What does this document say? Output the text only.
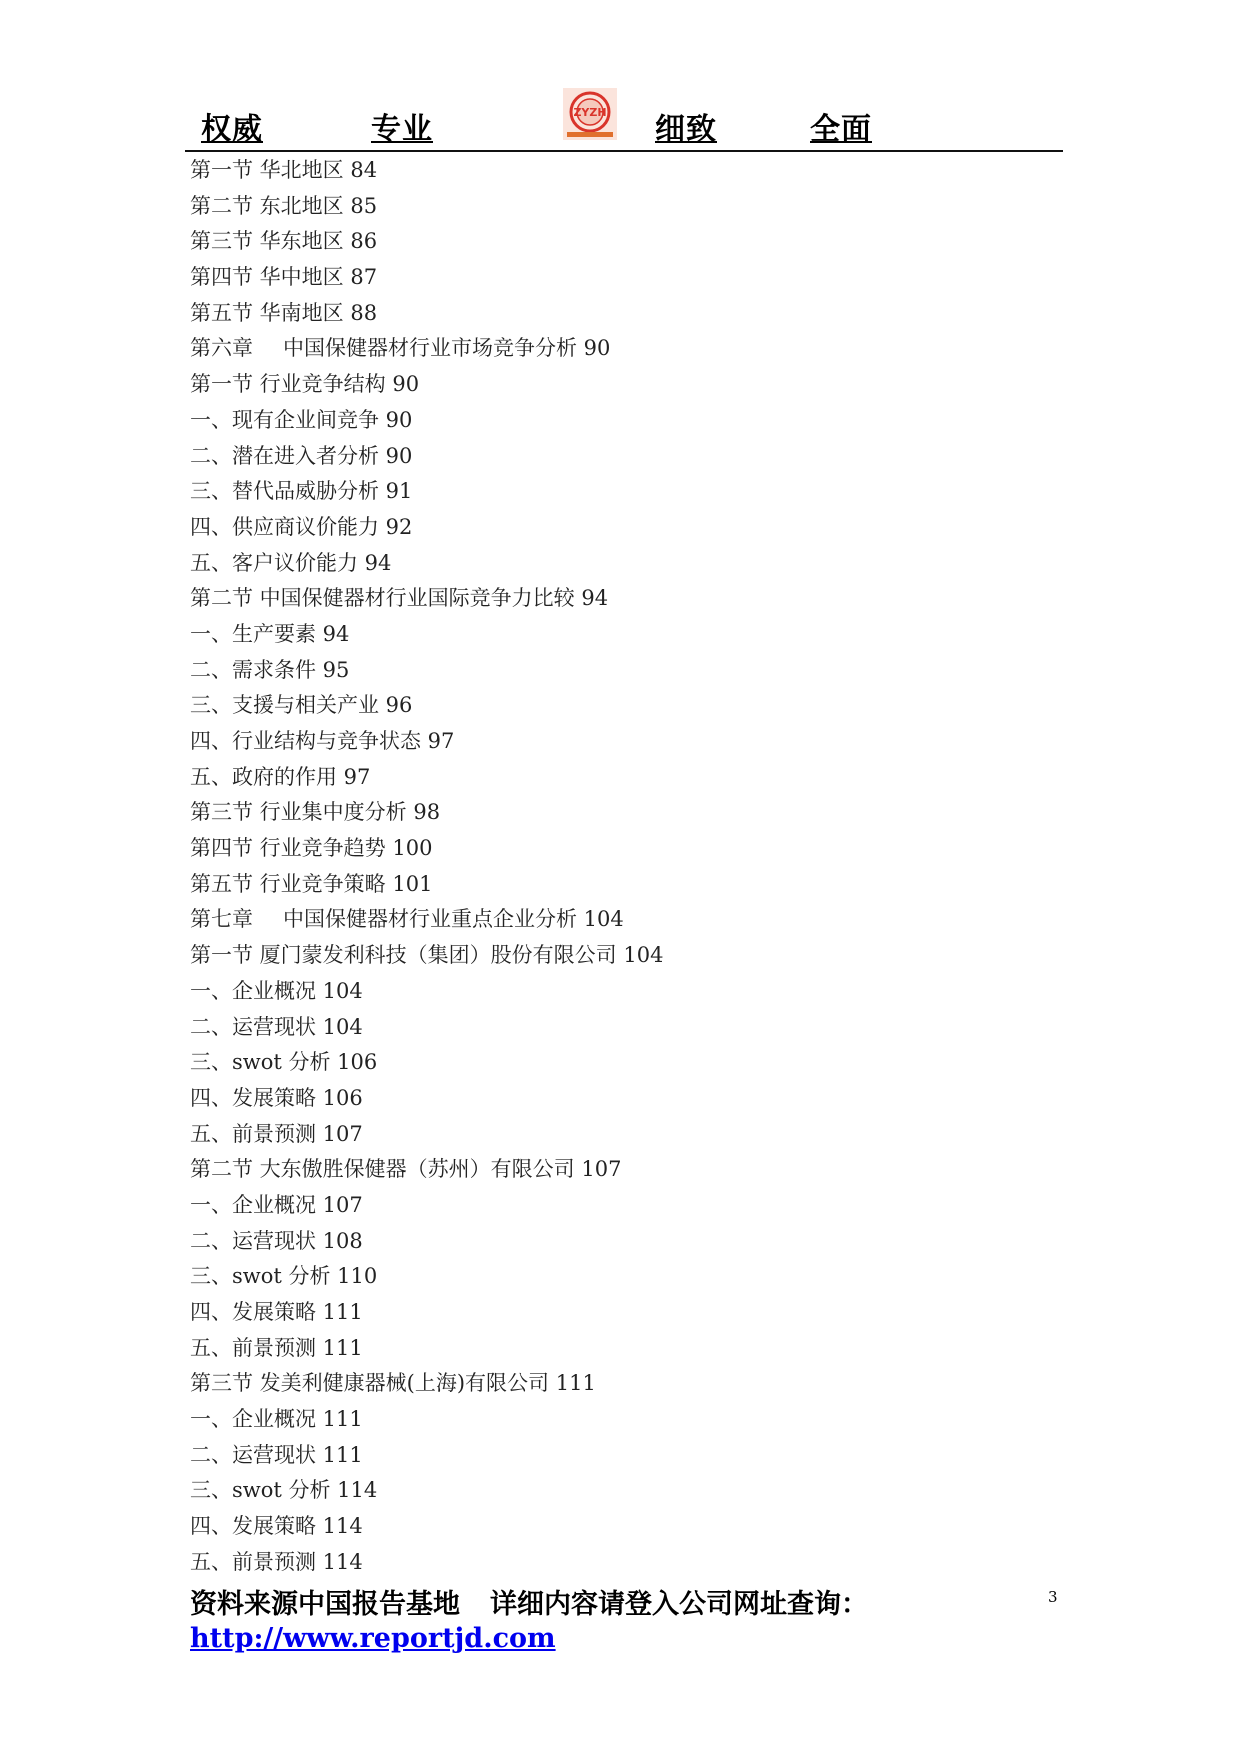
权威	专业	ZYZH 细致	全面
第一节 华北地区 84
第二节 东北地区 85
第三节 华东地区 86
第四节 华中地区 87
第五节 华南地区 88
第六章 中国保健器材行业市场竞争分析 90
第一节 行业竞争结构 90
一、现有企业间竞争 90
二、潜在进入者分析 90
三、替代品威胁分析 91
四、供应商议价能力 92
五、客户议价能力 94
第二节 中国保健器材行业国际竞争力比较 94
一、生产要素 94
二、需求条件 95
三、支援与相关产业 96
四、行业结构与竞争状态 97
五、政府的作用 97
第三节 行业集中度分析 98
第四节 行业竞争趋势 100
第五节 行业竞争策略 101
第七章 中国保健器材行业重点企业分析 104
第一节 厦门蒙发利科技（集团）股份有限公司 104
一、企业概况 104
二、运营现状 104
三、swot 分析 106
四、发展策略 106
五、前景预测 107
第二节 大东傲胜保健器（苏州）有限公司 107
一、企业概况 107
二、运营现状 108
三、swot 分析 110
四、发展策略 111
五、前景预测 111
第三节 发美利健康器械(上海)有限公司 111
一、企业概况 111
二、运营现状 111
三、swot 分析 114
四、发展策略 114
五、前景预测 114
资料来源中国报告基地 详细内容请登入公司网址查询：
http://www.reportjd.com
3
